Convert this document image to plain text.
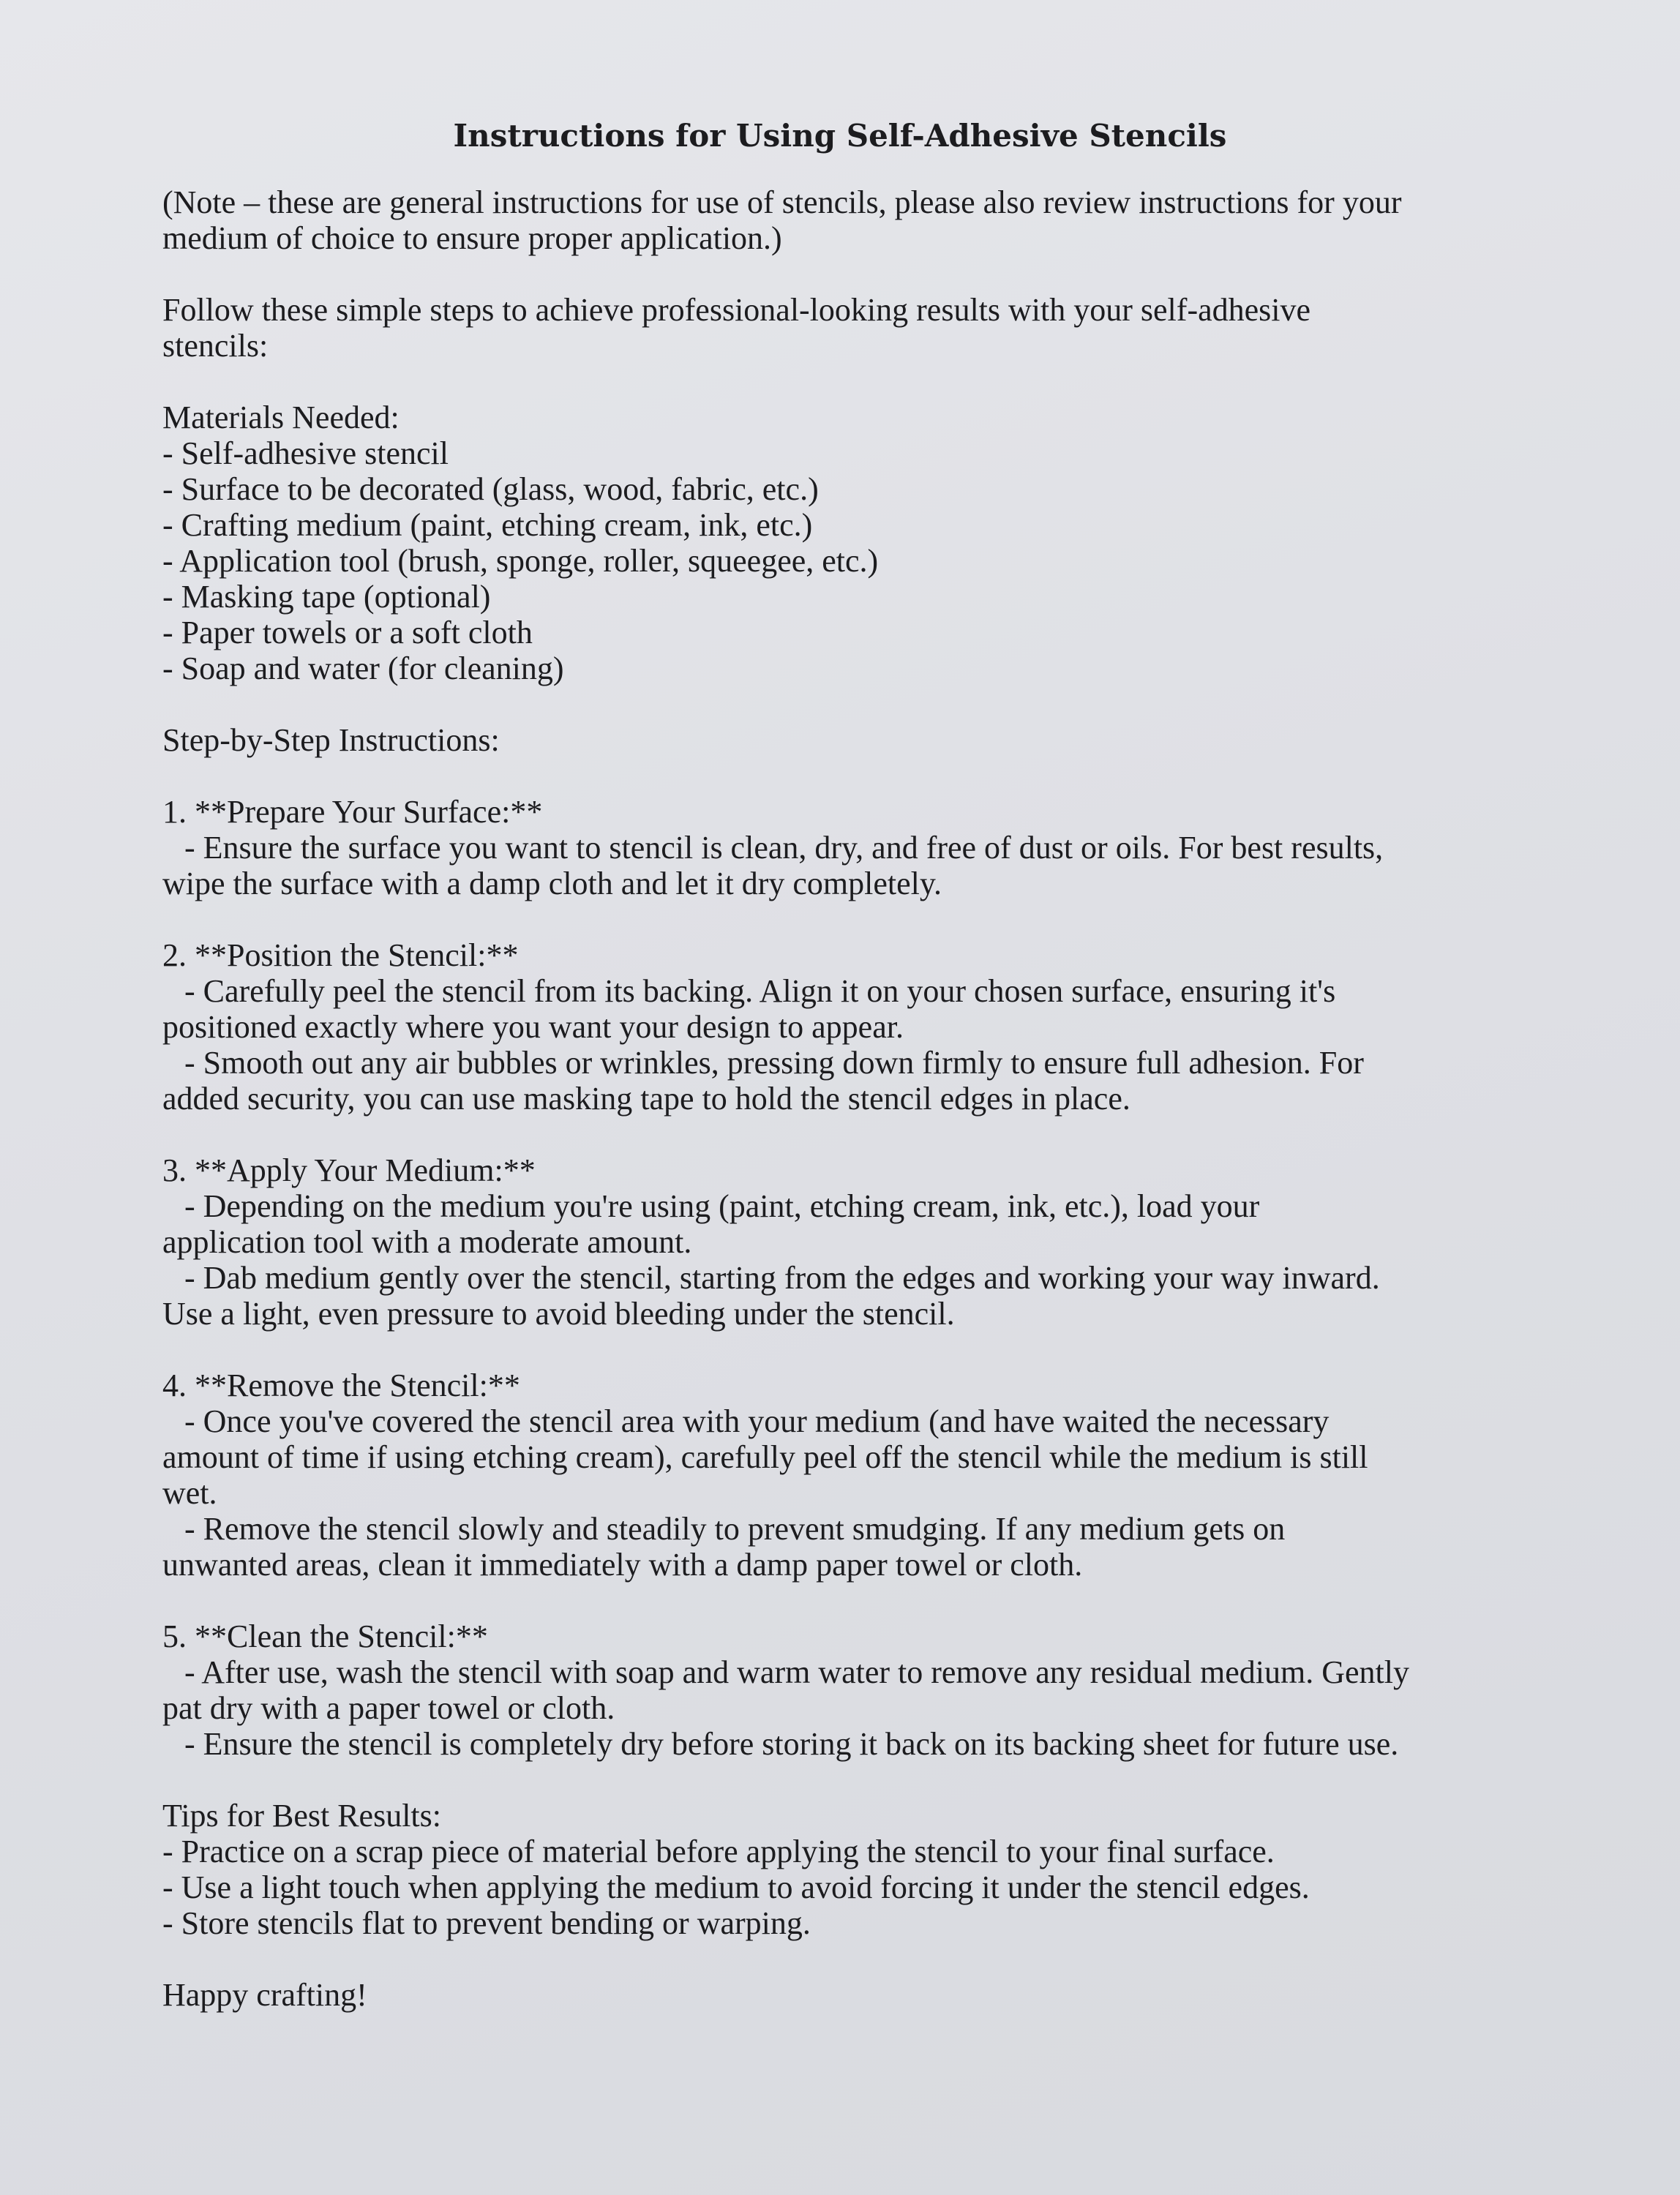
Instructions for Using Self-Adhesive Stencils

(Note – these are general instructions for use of stencils, please also review instructions for your

medium of choice to ensure proper application.)

Follow these simple steps to achieve professional-looking results with your self-adhesive

stencils:

Materials Needed:

- Self-adhesive stencil

- Surface to be decorated (glass, wood, fabric, etc.)

- Crafting medium (paint, etching cream, ink, etc.)

- Application tool (brush, sponge, roller, squeegee, etc.)

- Masking tape (optional)

- Paper towels or a soft cloth

- Soap and water (for cleaning)

Step-by-Step Instructions:

1. **Prepare Your Surface:**

- Ensure the surface you want to stencil is clean, dry, and free of dust or oils. For best results,

wipe the surface with a damp cloth and let it dry completely.

2. **Position the Stencil:**

- Carefully peel the stencil from its backing. Align it on your chosen surface, ensuring it's

positioned exactly where you want your design to appear.

- Smooth out any air bubbles or wrinkles, pressing down firmly to ensure full adhesion. For

added security, you can use masking tape to hold the stencil edges in place.

3. **Apply Your Medium:**

- Depending on the medium you're using (paint, etching cream, ink, etc.), load your

application tool with a moderate amount.

- Dab medium gently over the stencil, starting from the edges and working your way inward.

Use a light, even pressure to avoid bleeding under the stencil.

4. **Remove the Stencil:**

- Once you've covered the stencil area with your medium (and have waited the necessary

amount of time if using etching cream), carefully peel off the stencil while the medium is still

wet.

- Remove the stencil slowly and steadily to prevent smudging. If any medium gets on

unwanted areas, clean it immediately with a damp paper towel or cloth.

5. **Clean the Stencil:**

- After use, wash the stencil with soap and warm water to remove any residual medium. Gently

pat dry with a paper towel or cloth.

- Ensure the stencil is completely dry before storing it back on its backing sheet for future use.

Tips for Best Results:

- Practice on a scrap piece of material before applying the stencil to your final surface.

- Use a light touch when applying the medium to avoid forcing it under the stencil edges.

- Store stencils flat to prevent bending or warping.

Happy crafting!
